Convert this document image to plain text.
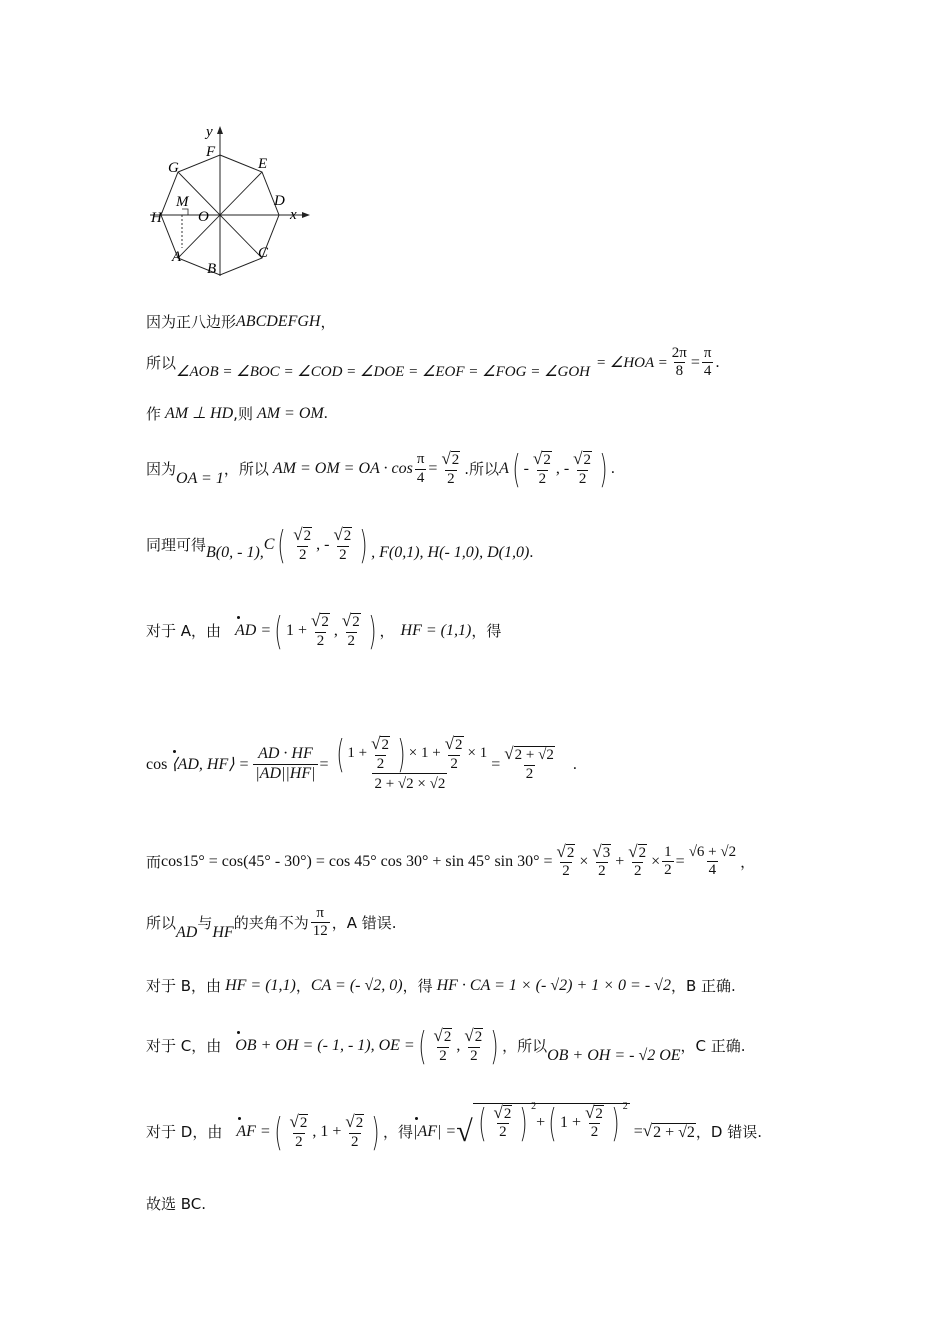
y
x
F
E
G
M	D
H O
A	C
B
因为正八边形 ABCDEFGH ，
所以 ∠AOB = ∠BOC = ∠COD = ∠DOE = ∠EOF = ∠FOG = ∠GOH
= ∠HOA = $\frac{2\pi}{8} = \frac{\pi}{4}$ .
作 AM ⊥ HD ,则 AM = OM .
因为
OA = 1
，所以 AM = OM = OA · $\cos \frac{\pi}{4} = \frac{√ 2}{2}$ .所以 A ( - $\frac{√ 2}{2}$ , - $\frac{√ 2}{2}$ ) .
同理可得 B(0, - 1), C ( $\frac{√ 2}{2}$ , - $\frac{√ 2}{2}$ ) , F(0,1), H(- 1,0), D(1,0) .
对于 A，由 AD = ( $1 + \frac{√ 2}{2}$ , $\frac{√ 2}{2}$ ) ， HF = (1,1) ，得
cos ⟨AD, HF⟩ = $\frac{AD \cdot HF}{|AD||HF|}$ = ( $1 + \frac{√ 2}{2}$ ) × $1 + \frac{√ 2}{2} \times 1$
2 + √2 × √2
= $\frac{√ 2 + √2}{2}$ .
而 cos15° = cos(45° - 30°) = cos 45° cos 30° + sin 45° $\sin 30^\circ = \frac{√ 2}{2} \times \frac{√ 3}{2} + \frac{√ 2}{2} \times \frac{1}{2} = \frac{√6 + √2}{4}$ ，
所以
AD
与
HF
的夹角不为 $\frac{\pi}{12}$ ，A 错误.
对于 B，由 HF = (1,1) ， CA = (- √2, 0) ，得 HF · CA = 1 × (- √2) + 1 × 0 = - √2 ，B 正确.
对于 C，由 OB + OH = (- 1, - 1), OE = ( $\frac{√ 2}{2}$ , $\frac{√ 2}{2}$ ) ，所以
OB + OH = - √2 OE
，C 正确.
对于 D，由 AF = ( $\frac{√ 2}{2}$ , $1 + \frac{√ 2}{2}$ ) ，得 |AF| = √ ( $\frac{√ 2}{2}$ ) 2
+ ( $1 + \frac{√ 2}{2}$ ) 2
= √ 2 + √2 ，D 错误.
故选 BC.
